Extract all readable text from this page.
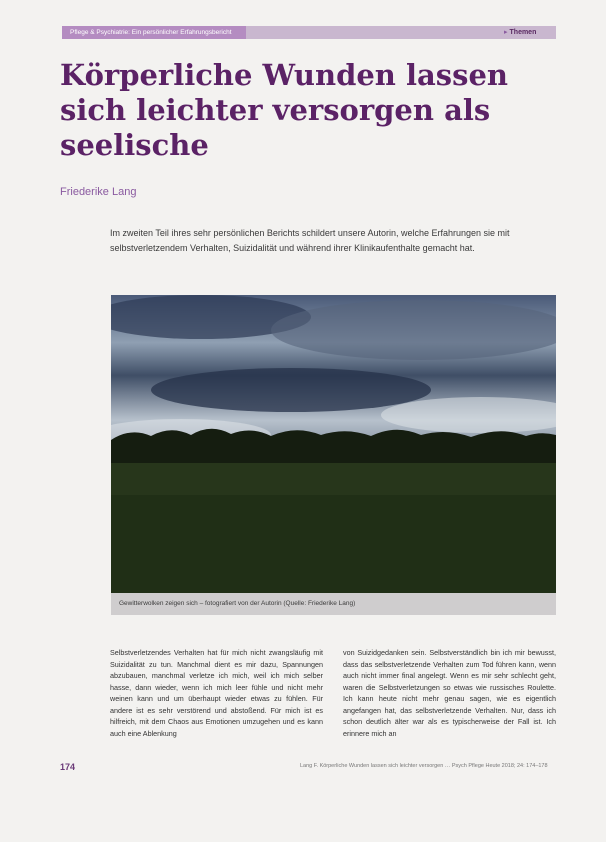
Pflege & Psychiatrie: Ein persönlicher Erfahrungsbericht	▸ Themen
Körperliche Wunden lassen sich leichter versorgen als seelische
Friederike Lang

Im zweiten Teil ihres sehr persönlichen Berichts schildert unsere Autorin, welche Erfahrungen sie mit selbstverletzendem Verhalten, Suizidalität und während ihrer Klinikaufenthalte gemacht hat.

Gewitterwolken zeigen sich – fotografiert von der Autorin (Quelle: Friederike Lang)

Selbstverletzendes Verhalten hat für mich nicht zwangsläufig mit Suizidalität zu tun. Manchmal dient es mir dazu, Spannungen abzubauen, manchmal verletze ich mich, weil ich mich selber hasse, dann wieder, wenn ich mich leer fühle und nicht mehr weinen kann und um überhaupt wieder etwas zu fühlen. Für andere ist es sehr verstörend und abstoßend. Für mich ist es hilfreich, mit dem Chaos aus Emotionen umzugehen und es kann auch eine Ablenkung

von Suizidgedanken sein. Selbstverständlich bin ich mir bewusst, dass das selbstverletzende Verhalten zum Tod führen kann, wenn auch nicht immer final angelegt. Wenn es mir sehr schlecht geht, waren die Selbstverletzungen so etwas wie russisches Roulette. Ich kann heute nicht mehr genau sagen, wie es eigentlich angefangen hat, das selbstverletzende Verhalten. Nur, dass ich schon deutlich älter war als es typischerweise der Fall ist. Ich erinnere mich an

174	Lang F. Körperliche Wunden lassen sich leichter versorgen … Psych Pflege Heute 2018; 24: 174–178
